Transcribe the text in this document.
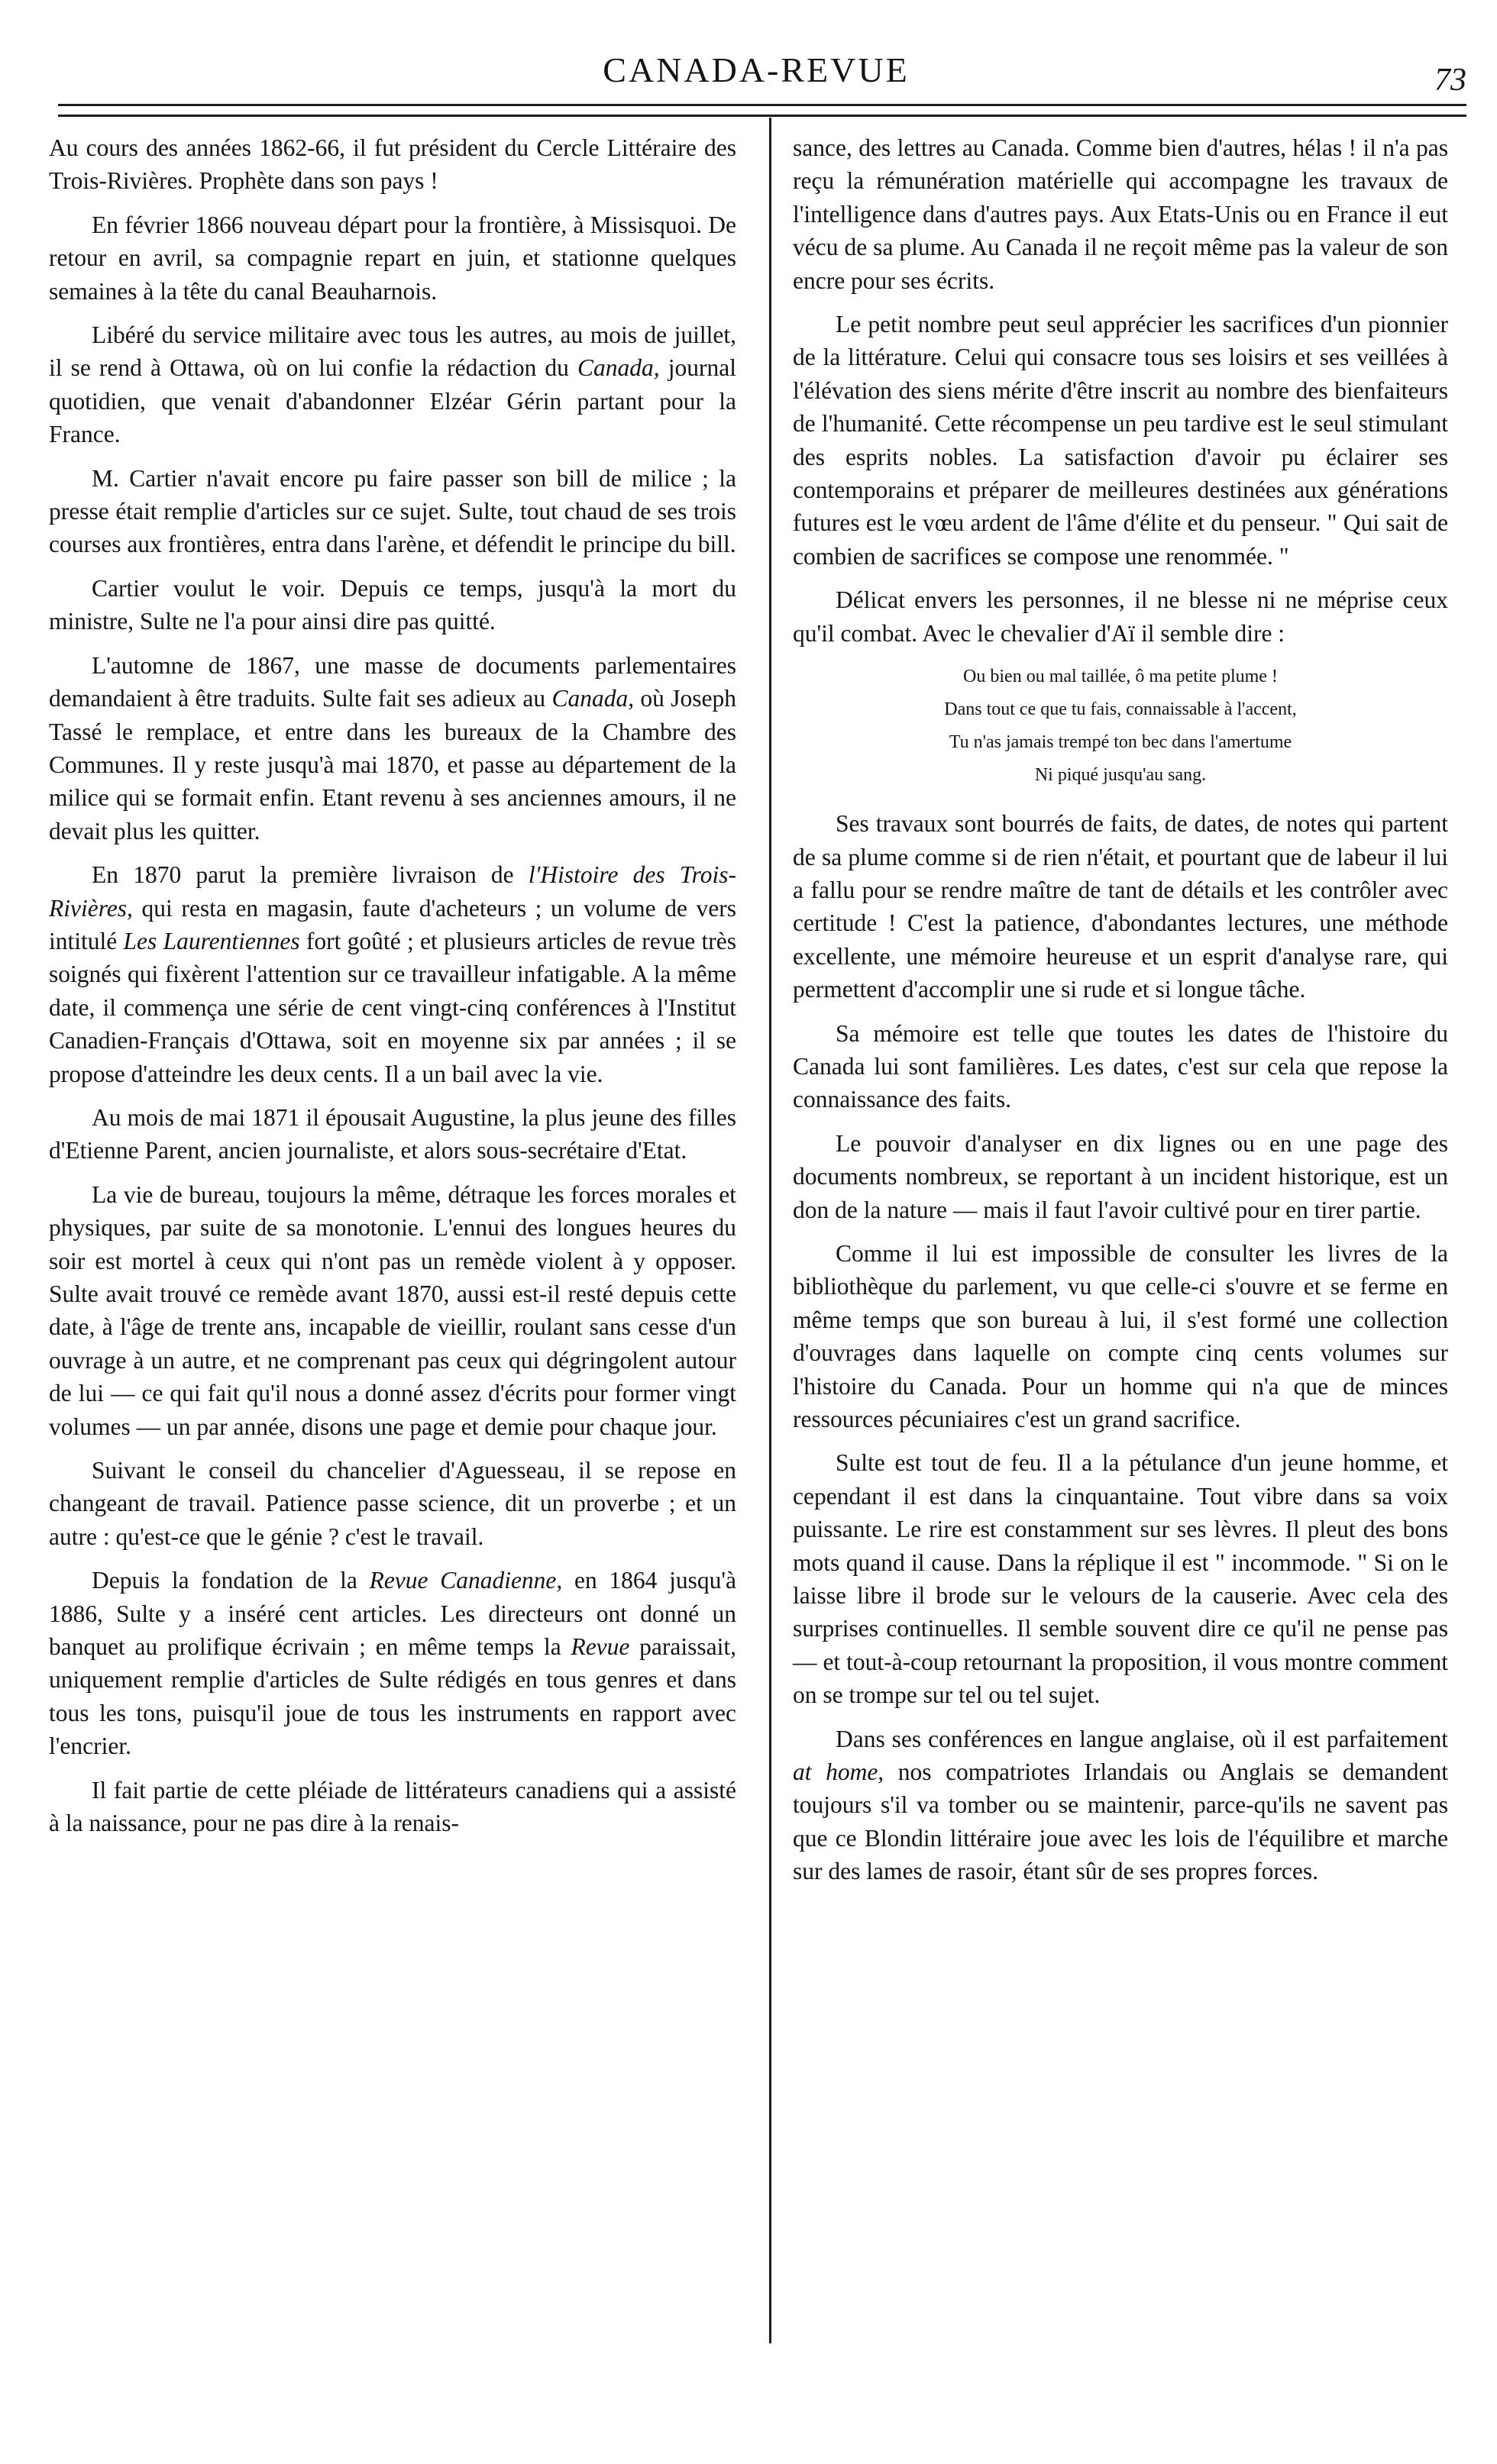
CANADA-REVUE	73

Au cours des années 1862-66, il fut président du Cercle Littéraire des Trois-Rivières. Prophète dans son pays !

En février 1866 nouveau départ pour la frontière, à Missisquoi. De retour en avril, sa compagnie repart en juin, et stationne quelques semaines à la tête du canal Beauharnois.

Libéré du service militaire avec tous les autres, au mois de juillet, il se rend à Ottawa, où on lui confie la rédaction du Canada, journal quotidien, que venait d'abandonner Elzéar Gérin partant pour la France.

M. Cartier n'avait encore pu faire passer son bill de milice ; la presse était remplie d'articles sur ce sujet. Sulte, tout chaud de ses trois courses aux frontières, entra dans l'arène, et défendit le principe du bill.

Cartier voulut le voir. Depuis ce temps, jusqu'à la mort du ministre, Sulte ne l'a pour ainsi dire pas quitté.

L'automne de 1867, une masse de documents parlementaires demandaient à être traduits. Sulte fait ses adieux au Canada, où Joseph Tassé le remplace, et entre dans les bureaux de la Chambre des Communes. Il y reste jusqu'à mai 1870, et passe au département de la milice qui se formait enfin. Etant revenu à ses anciennes amours, il ne devait plus les quitter.

En 1870 parut la première livraison de l'Histoire des Trois-Rivières, qui resta en magasin, faute d'acheteurs ; un volume de vers intitulé Les Laurentiennes fort goûté ; et plusieurs articles de revue très soignés qui fixèrent l'attention sur ce travailleur infatigable. A la même date, il commença une série de cent vingt-cinq conférences à l'Institut Canadien-Français d'Ottawa, soit en moyenne six par années ; il se propose d'atteindre les deux cents. Il a un bail avec la vie.

Au mois de mai 1871 il épousait Augustine, la plus jeune des filles d'Etienne Parent, ancien journaliste, et alors sous-secrétaire d'Etat.

La vie de bureau, toujours la même, détraque les forces morales et physiques, par suite de sa monotonie. L'ennui des longues heures du soir est mortel à ceux qui n'ont pas un remède violent à y opposer. Sulte avait trouvé ce remède avant 1870, aussi est-il resté depuis cette date, à l'âge de trente ans, incapable de vieillir, roulant sans cesse d'un ouvrage à un autre, et ne comprenant pas ceux qui dégringolent autour de lui — ce qui fait qu'il nous a donné assez d'écrits pour former vingt volumes — un par année, disons une page et demie pour chaque jour.

Suivant le conseil du chancelier d'Aguesseau, il se repose en changeant de travail. Patience passe science, dit un proverbe ; et un autre : qu'est-ce que le génie ? c'est le travail.

Depuis la fondation de la Revue Canadienne, en 1864 jusqu'à 1886, Sulte y a inséré cent articles. Les directeurs ont donné un banquet au prolifique écrivain ; en même temps la Revue paraissait, uniquement remplie d'articles de Sulte rédigés en tous genres et dans tous les tons, puisqu'il joue de tous les instruments en rapport avec l'encrier.

Il fait partie de cette pléiade de littérateurs canadiens qui a assisté à la naissance, pour ne pas dire à la renais-

sance, des lettres au Canada. Comme bien d'autres, hélas ! il n'a pas reçu la rémunération matérielle qui accompagne les travaux de l'intelligence dans d'autres pays. Aux Etats-Unis ou en France il eut vécu de sa plume. Au Canada il ne reçoit même pas la valeur de son encre pour ses écrits.

Le petit nombre peut seul apprécier les sacrifices d'un pionnier de la littérature. Celui qui consacre tous ses loisirs et ses veillées à l'élévation des siens mérite d'être inscrit au nombre des bienfaiteurs de l'humanité. Cette récompense un peu tardive est le seul stimulant des esprits nobles. La satisfaction d'avoir pu éclairer ses contemporains et préparer de meilleures destinées aux générations futures est le vœu ardent de l'âme d'élite et du penseur. " Qui sait de combien de sacrifices se compose une renommée. "

Délicat envers les personnes, il ne blesse ni ne méprise ceux qu'il combat. Avec le chevalier d'Aï il semble dire :

Ou bien ou mal taillée, ô ma petite plume !
Dans tout ce que tu fais, connaissable à l'accent,
Tu n'as jamais trempé ton bec dans l'amertume
Ni piqué jusqu'au sang.

Ses travaux sont bourrés de faits, de dates, de notes qui partent de sa plume comme si de rien n'était, et pourtant que de labeur il lui a fallu pour se rendre maître de tant de détails et les contrôler avec certitude ! C'est la patience, d'abondantes lectures, une méthode excellente, une mémoire heureuse et un esprit d'analyse rare, qui permettent d'accomplir une si rude et si longue tâche.

Sa mémoire est telle que toutes les dates de l'histoire du Canada lui sont familières. Les dates, c'est sur cela que repose la connaissance des faits.

Le pouvoir d'analyser en dix lignes ou en une page des documents nombreux, se reportant à un incident historique, est un don de la nature — mais il faut l'avoir cultivé pour en tirer partie.

Comme il lui est impossible de consulter les livres de la bibliothèque du parlement, vu que celle-ci s'ouvre et se ferme en même temps que son bureau à lui, il s'est formé une collection d'ouvrages dans laquelle on compte cinq cents volumes sur l'histoire du Canada. Pour un homme qui n'a que de minces ressources pécuniaires c'est un grand sacrifice.

Sulte est tout de feu. Il a la pétulance d'un jeune homme, et cependant il est dans la cinquantaine. Tout vibre dans sa voix puissante. Le rire est constamment sur ses lèvres. Il pleut des bons mots quand il cause. Dans la réplique il est " incommode. " Si on le laisse libre il brode sur le velours de la causerie. Avec cela des surprises continuelles. Il semble souvent dire ce qu'il ne pense pas — et tout-à-coup retournant la proposition, il vous montre comment on se trompe sur tel ou tel sujet.

Dans ses conférences en langue anglaise, où il est parfaitement at home, nos compatriotes Irlandais ou Anglais se demandent toujours s'il va tomber ou se maintenir, parce-qu'ils ne savent pas que ce Blondin littéraire joue avec les lois de l'équilibre et marche sur des lames de rasoir, étant sûr de ses propres forces.
